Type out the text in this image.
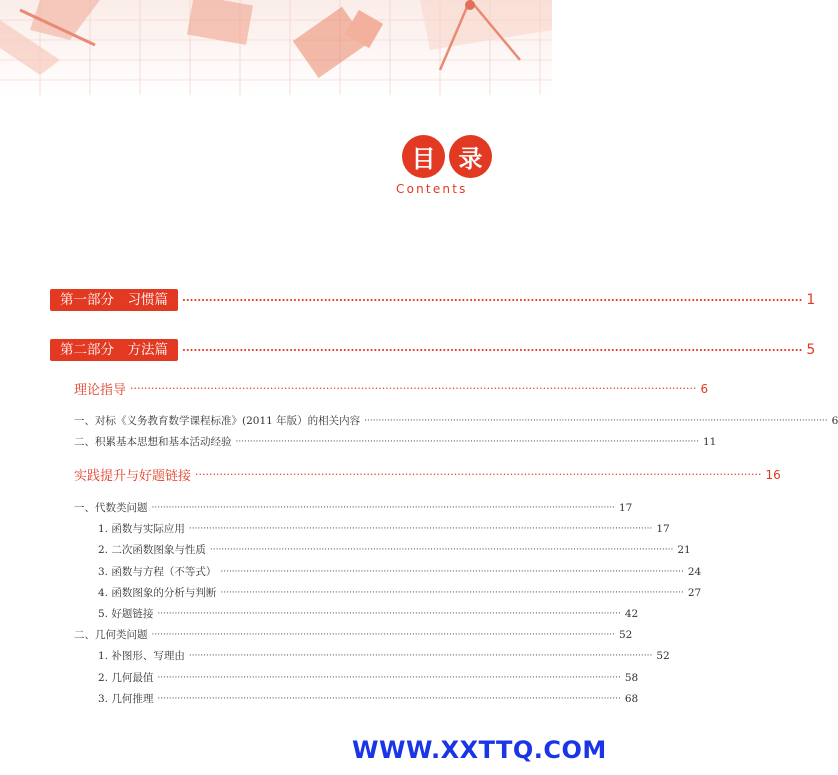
目 录
Contents
第一部分　习惯篇 ·····	1
第二部分　方法篇 ·····	5
理论指导 ·····	6
一、对标《义务教育数学课程标准》(2011 年版）的相关内容 ·····	6
二、积累基本思想和基本活动经验 ·····	11
实践提升与好题链接 ·····	16
一、代数类问题 ·····	17
1. 函数与实际应用 ·····	17
2. 二次函数图象与性质 ·····	21
3. 函数与方程（不等式） ·····	24
4. 函数图象的分析与判断 ·····	27
5. 好题链接 ·····	42
二、几何类问题 ·····	52
1. 补图形、写理由 ·····	52
2. 几何最值 ·····	58
3. 几何推理 ·····	68
WWW.XXTTQ.COM
